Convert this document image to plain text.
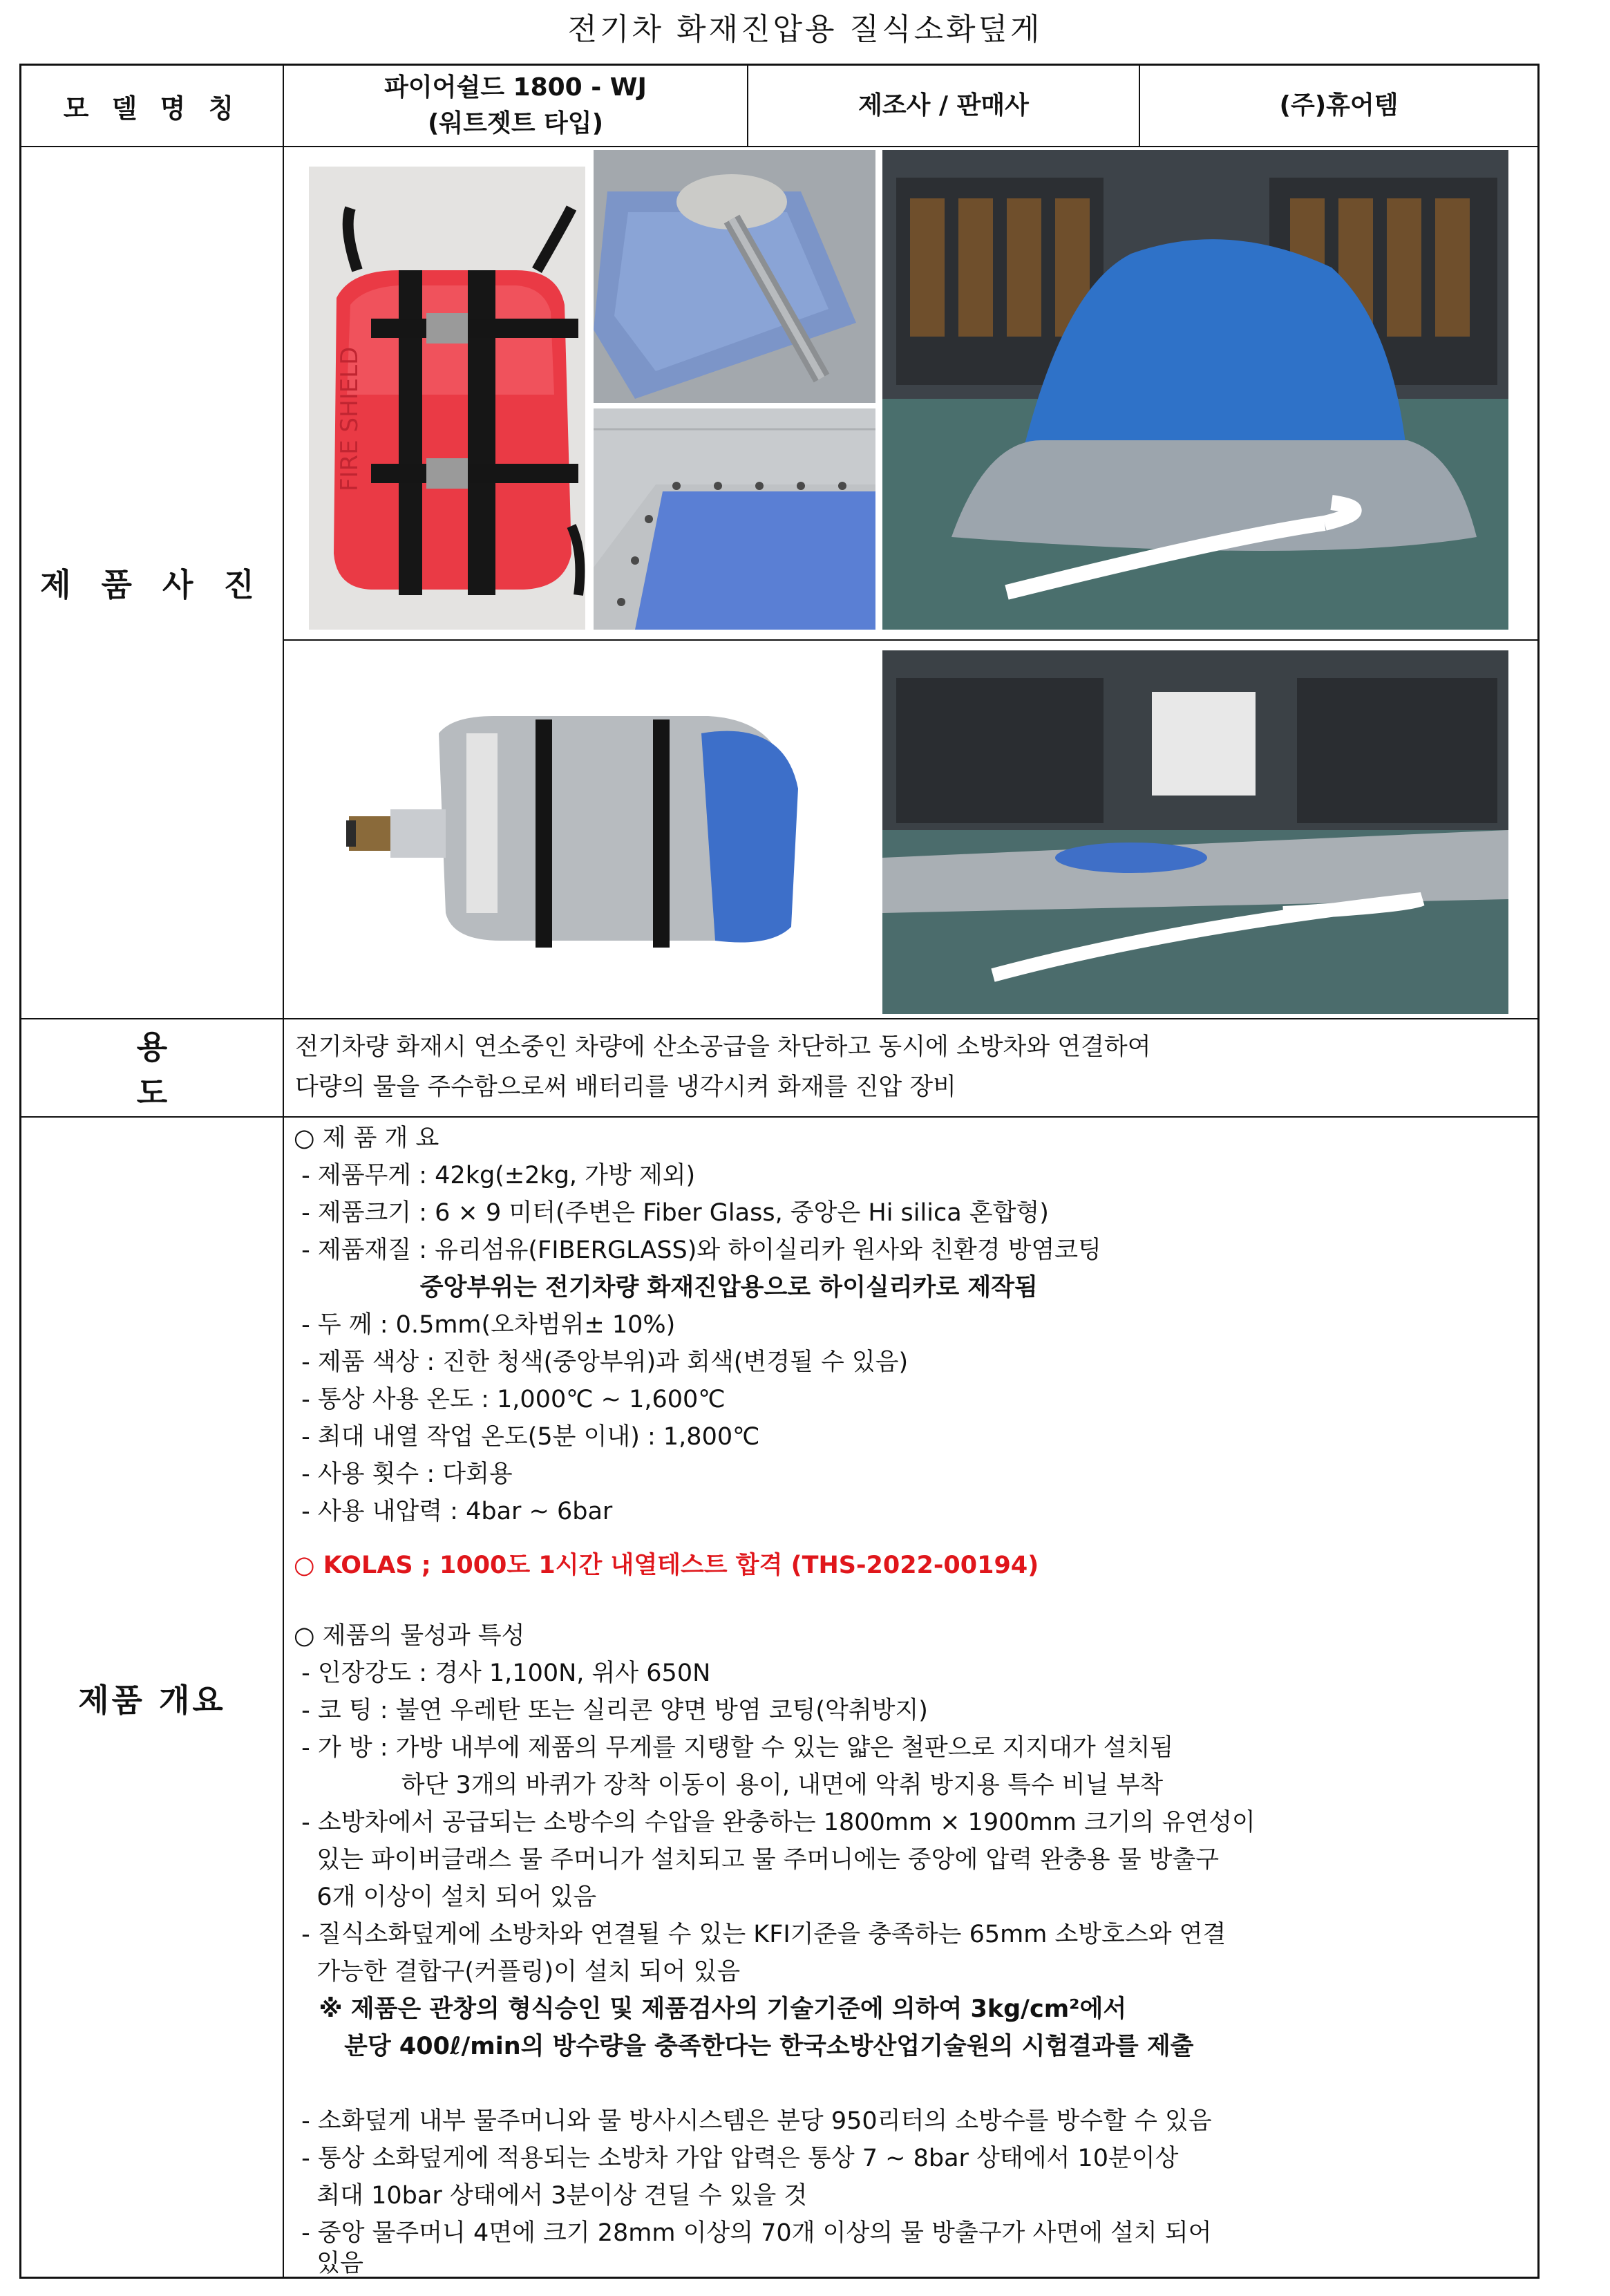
전기차 화재진압용 질식소화덮게
모 델 명 칭
파이어쉴드 1800 - WJ
(워트젯트 타입)
제조사 / 판매사	(주)휴어템
제 품 사 진
FIRE SHIELD
용 도
전기차량 화재시 연소중인 차량에 산소공급을 차단하고 동시에 소방차와 연결하여
다량의 물을 주수함으로써 배터리를 냉각시켜 화재를 진압 장비
제품 개요
○ 제 품 개 요
- 제품무게 : 42kg(±2kg, 가방 제외)
- 제품크기 : 6 × 9 미터(주변은 Fiber Glass, 중앙은 Hi silica 혼합형)
- 제품재질 : 유리섬유(FIBERGLASS)와 하이실리카 원사와 친환경 방염코팅
중앙부위는 전기차량 화재진압용으로 하이실리카로 제작됨
- 두 께 : 0.5mm(오차범위± 10%)
- 제품 색상 : 진한 청색(중앙부위)과 회색(변경될 수 있음)
- 통상 사용 온도 : 1,000℃ ~ 1,600℃
- 최대 내열 작업 온도(5분 이내) : 1,800℃
- 사용 횟수 : 다회용
- 사용 내압력 : 4bar ~ 6bar
○ KOLAS ; 1000도 1시간 내열테스트 합격 (THS-2022-00194)
○ 제품의 물성과 특성
- 인장강도 : 경사 1,100N, 위사 650N
- 코 팅 : 불연 우레탄 또는 실리콘 양면 방염 코팅(악취방지)
- 가 방 : 가방 내부에 제품의 무게를 지탱할 수 있는 얇은 철판으로 지지대가 설치됨
하단 3개의 바퀴가 장착 이동이 용이, 내면에 악취 방지용 특수 비닐 부착
- 소방차에서 공급되는 소방수의 수압을 완충하는 1800mm × 1900mm 크기의 유연성이
있는 파이버글래스 물 주머니가 설치되고 물 주머니에는 중앙에 압력 완충용 물 방출구
6개 이상이 설치 되어 있음
- 질식소화덮게에 소방차와 연결될 수 있는 KFI기준을 충족하는 65mm 소방호스와 연결
가능한 결합구(커플링)이 설치 되어 있음
※ 제품은 관창의 형식승인 및 제품검사의 기술기준에 의하여 3kg/cm²에서
분당 400ℓ/min의 방수량을 충족한다는 한국소방산업기술원의 시험결과를 제출
- 소화덮게 내부 물주머니와 물 방사시스템은 분당 950리터의 소방수를 방수할 수 있음
- 통상 소화덮게에 적용되는 소방차 가압 압력은 통상 7 ~ 8bar 상태에서 10분이상
최대 10bar 상태에서 3분이상 견딜 수 있을 것
- 중앙 물주머니 4면에 크기 28mm 이상의 70개 이상의 물 방출구가 사면에 설치 되어
있음
